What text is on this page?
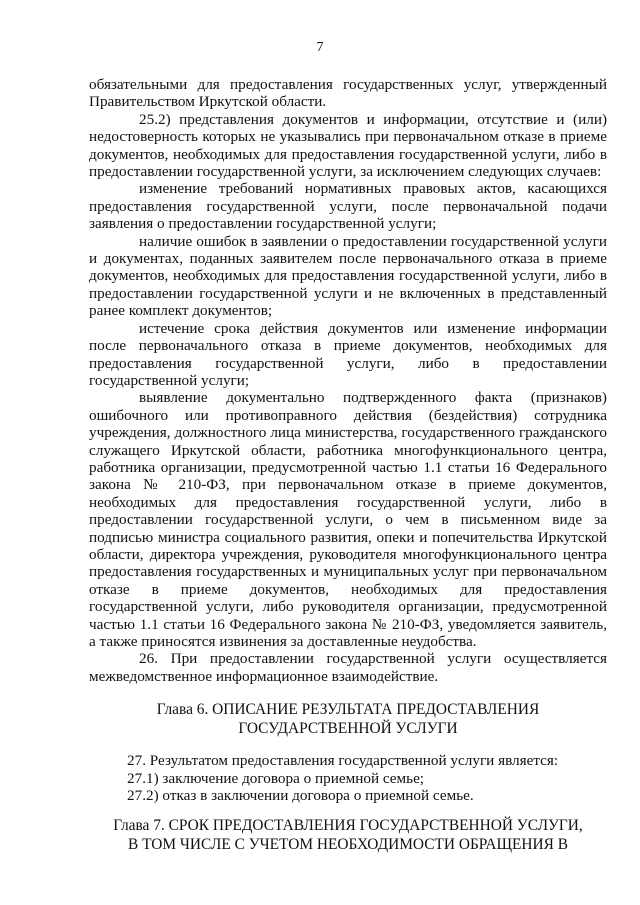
7

обязательными для предоставления государственных услуг, утвержденный Правительством Иркутской области.

25.2) представления документов и информации, отсутствие и (или) недостоверность которых не указывались при первоначальном отказе в приеме документов, необходимых для предоставления государственной услуги, либо в предоставлении государственной услуги, за исключением следующих случаев:

изменение требований нормативных правовых актов, касающихся предоставления государственной услуги, после первоначальной подачи заявления о предоставлении государственной услуги;

наличие ошибок в заявлении о предоставлении государственной услуги и документах, поданных заявителем после первоначального отказа в приеме документов, необходимых для предоставления государственной услуги, либо в предоставлении государственной услуги и не включенных в представленный ранее комплект документов;

истечение срока действия документов или изменение информации после первоначального отказа в приеме документов, необходимых для предоставления государственной услуги, либо в предоставлении государственной услуги;

выявление документально подтвержденного факта (признаков) ошибочного или противоправного действия (бездействия) сотрудника учреждения, должностного лица министерства, государственного гражданского служащего Иркутской области, работника многофункционального центра, работника организации, предусмотренной частью 1.1 статьи 16 Федерального закона № 210-ФЗ, при первоначальном отказе в приеме документов, необходимых для предоставления государственной услуги, либо в предоставлении государственной услуги, о чем в письменном виде за подписью министра социального развития, опеки и попечительства Иркутской области, директора учреждения, руководителя многофункционального центра предоставления государственных и муниципальных услуг при первоначальном отказе в приеме документов, необходимых для предоставления государственной услуги, либо руководителя организации, предусмотренной частью 1.1 статьи 16 Федерального закона № 210-ФЗ, уведомляется заявитель, а также приносятся извинения за доставленные неудобства.

26. При предоставлении государственной услуги осуществляется межведомственное информационное взаимодействие.

Глава 6. ОПИСАНИЕ РЕЗУЛЬТАТА ПРЕДОСТАВЛЕНИЯ
ГОСУДАРСТВЕННОЙ УСЛУГИ

27. Результатом предоставления государственной услуги является:

27.1) заключение договора о приемной семье;

27.2) отказ в заключении договора о приемной семье.

Глава 7. СРОК ПРЕДОСТАВЛЕНИЯ ГОСУДАРСТВЕННОЙ УСЛУГИ,
В ТОМ ЧИСЛЕ С УЧЕТОМ НЕОБХОДИМОСТИ ОБРАЩЕНИЯ В
